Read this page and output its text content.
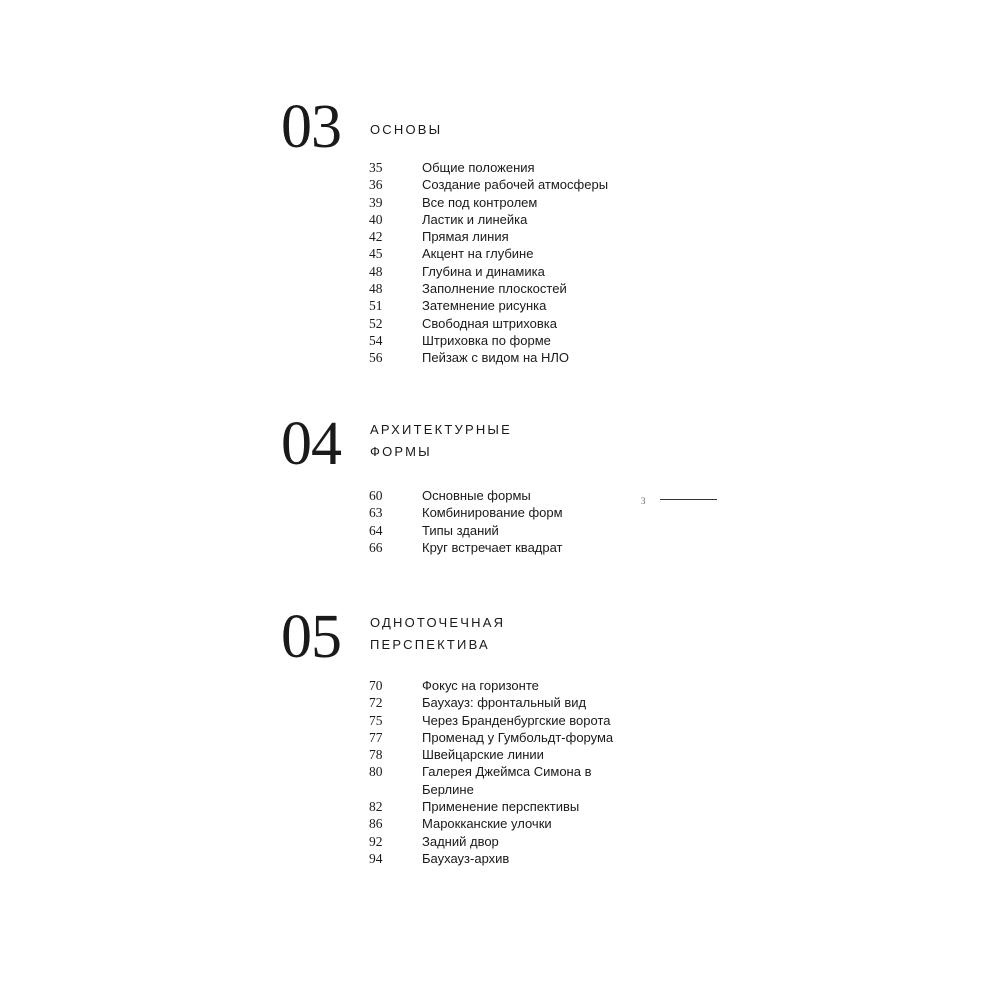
03 ОСНОВЫ
35	Общие положения
36	Создание рабочей атмосферы
39	Все под контролем
40	Ластик и линейка
42	Прямая линия
45	Акцент на глубине
48	Глубина и динамика
48	Заполнение плоскостей
51	Затемнение рисунка
52	Свободная штриховка
54	Штриховка по форме
56	Пейзаж с видом на НЛО
04 АРХИТЕКТУРНЫЕ
ФОРМЫ
60	Основные формы
63	Комбинирование форм
64	Типы зданий
66	Круг встречает квадрат
05 ОДНОТОЧЕЧНАЯ
ПЕРСПЕКТИВА
70	Фокус на горизонте
72	Баухауз: фронтальный вид
75	Через Бранденбургские ворота
77	Променад у Гумбольдт-форума
78	Швейцарские линии
80	Галерея Джеймса Симона в Берлине
82	Применение перспективы
86	Марокканские улочки
92	Задний двор
94	Баухауз-архив
3
